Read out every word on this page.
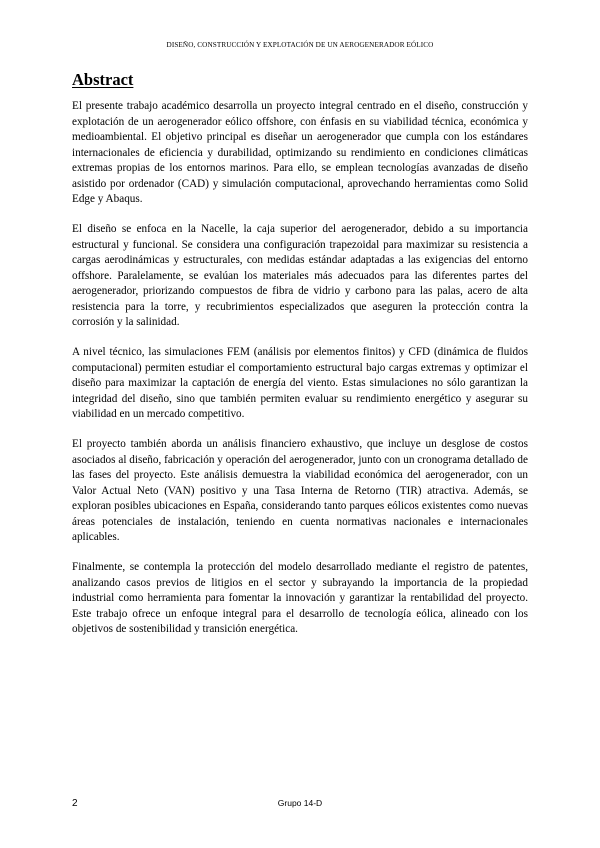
DISEÑO, CONSTRUCCIÓN Y EXPLOTACIÓN DE UN AEROGENERADOR EÓLICO
Abstract

El presente trabajo académico desarrolla un proyecto integral centrado en el diseño, construcción y explotación de un aerogenerador eólico offshore, con énfasis en su viabilidad técnica, económica y medioambiental. El objetivo principal es diseñar un aerogenerador que cumpla con los estándares internacionales de eficiencia y durabilidad, optimizando su rendimiento en condiciones climáticas extremas propias de los entornos marinos. Para ello, se emplean tecnologías avanzadas de diseño asistido por ordenador (CAD) y simulación computacional, aprovechando herramientas como Solid Edge y Abaqus.

El diseño se enfoca en la Nacelle, la caja superior del aerogenerador, debido a su importancia estructural y funcional. Se considera una configuración trapezoidal para maximizar su resistencia a cargas aerodinámicas y estructurales, con medidas estándar adaptadas a las exigencias del entorno offshore. Paralelamente, se evalúan los materiales más adecuados para las diferentes partes del aerogenerador, priorizando compuestos de fibra de vidrio y carbono para las palas, acero de alta resistencia para la torre, y recubrimientos especializados que aseguren la protección contra la corrosión y la salinidad.

A nivel técnico, las simulaciones FEM (análisis por elementos finitos) y CFD (dinámica de fluidos computacional) permiten estudiar el comportamiento estructural bajo cargas extremas y optimizar el diseño para maximizar la captación de energía del viento. Estas simulaciones no sólo garantizan la integridad del diseño, sino que también permiten evaluar su rendimiento energético y asegurar su viabilidad en un mercado competitivo.

El proyecto también aborda un análisis financiero exhaustivo, que incluye un desglose de costos asociados al diseño, fabricación y operación del aerogenerador, junto con un cronograma detallado de las fases del proyecto. Este análisis demuestra la viabilidad económica del aerogenerador, con un Valor Actual Neto (VAN) positivo y una Tasa Interna de Retorno (TIR) atractiva. Además, se exploran posibles ubicaciones en España, considerando tanto parques eólicos existentes como nuevas áreas potenciales de instalación, teniendo en cuenta normativas nacionales e internacionales aplicables.

Finalmente, se contempla la protección del modelo desarrollado mediante el registro de patentes, analizando casos previos de litigios en el sector y subrayando la importancia de la propiedad industrial como herramienta para fomentar la innovación y garantizar la rentabilidad del proyecto. Este trabajo ofrece un enfoque integral para el desarrollo de tecnología eólica, alineado con los objetivos de sostenibilidad y transición energética.

2	Grupo 14-D
